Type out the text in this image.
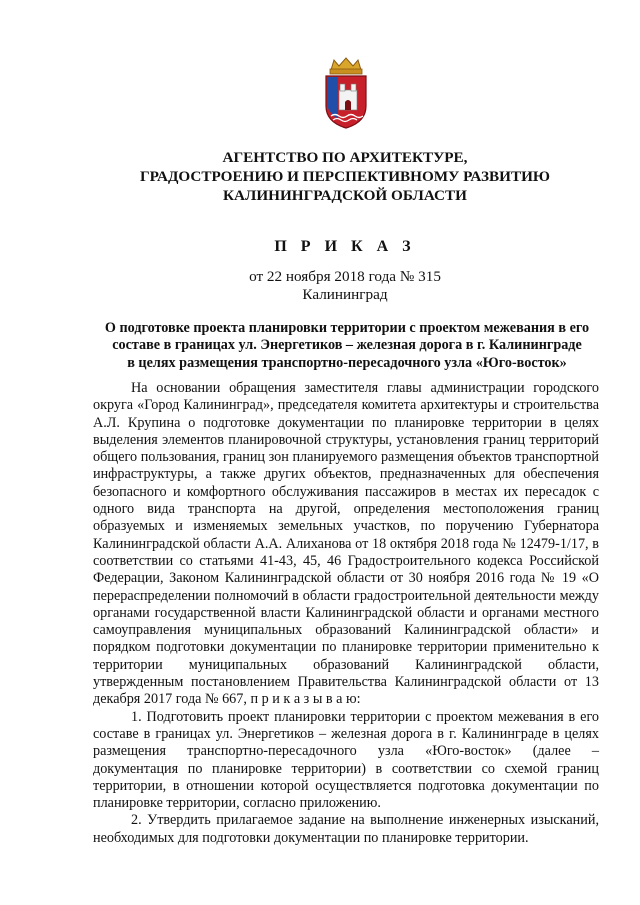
АГЕНТСТВО ПО АРХИТЕКТУРЕ,
ГРАДОСТРОЕНИЮ И ПЕРСПЕКТИВНОМУ РАЗВИТИЮ
КАЛИНИНГРАДСКОЙ ОБЛАСТИ
П Р И К А З
от 22 ноября 2018 года № 315
Калининград
О подготовке проекта планировки территории с проектом межевания в его
составе в границах ул. Энергетиков – железная дорога в г. Калининграде
в целях размещения транспортно-пересадочного узла «Юго-восток»

На основании обращения заместителя главы администрации городского округа «Город Калининград», председателя комитета архитектуры и строительства А.Л. Крупина о подготовке документации по планировке территории в целях выделения элементов планировочной структуры, установления границ территорий общего пользования, границ зон планируемого размещения объектов транспортной инфраструктуры, а также других объектов, предназначенных для обеспечения безопасного и комфортного обслуживания пассажиров в местах их пересадок с одного вида транспорта на другой, определения местоположения границ образуемых и изменяемых земельных участков, по поручению Губернатора Калининградской области А.А. Алиханова от 18 октября 2018 года № 12479-1/17, в соответствии со статьями 41-43, 45, 46 Градостроительного кодекса Российской Федерации, Законом Калининградской области от 30 ноября 2016 года № 19 «О перераспределении полномочий в области градостроительной деятельности между органами государственной власти Калининградской области и органами местного самоуправления муниципальных образований Калининградской области» и порядком подготовки документации по планировке территории применительно к территории муниципальных образований Калининградской области, утвержденным постановлением Правительства Калининградской области от 13 декабря 2017 года № 667, п р и к а з ы в а ю:

1. Подготовить проект планировки территории с проектом межевания в его составе в границах ул. Энергетиков – железная дорога в г. Калининграде в целях размещения транспортно-пересадочного узла «Юго-восток» (далее – документация по планировке территории) в соответствии со схемой границ территории, в отношении которой осуществляется подготовка документации по планировке территории, согласно приложению.

2. Утвердить прилагаемое задание на выполнение инженерных изысканий, необходимых для подготовки документации по планировке территории.
